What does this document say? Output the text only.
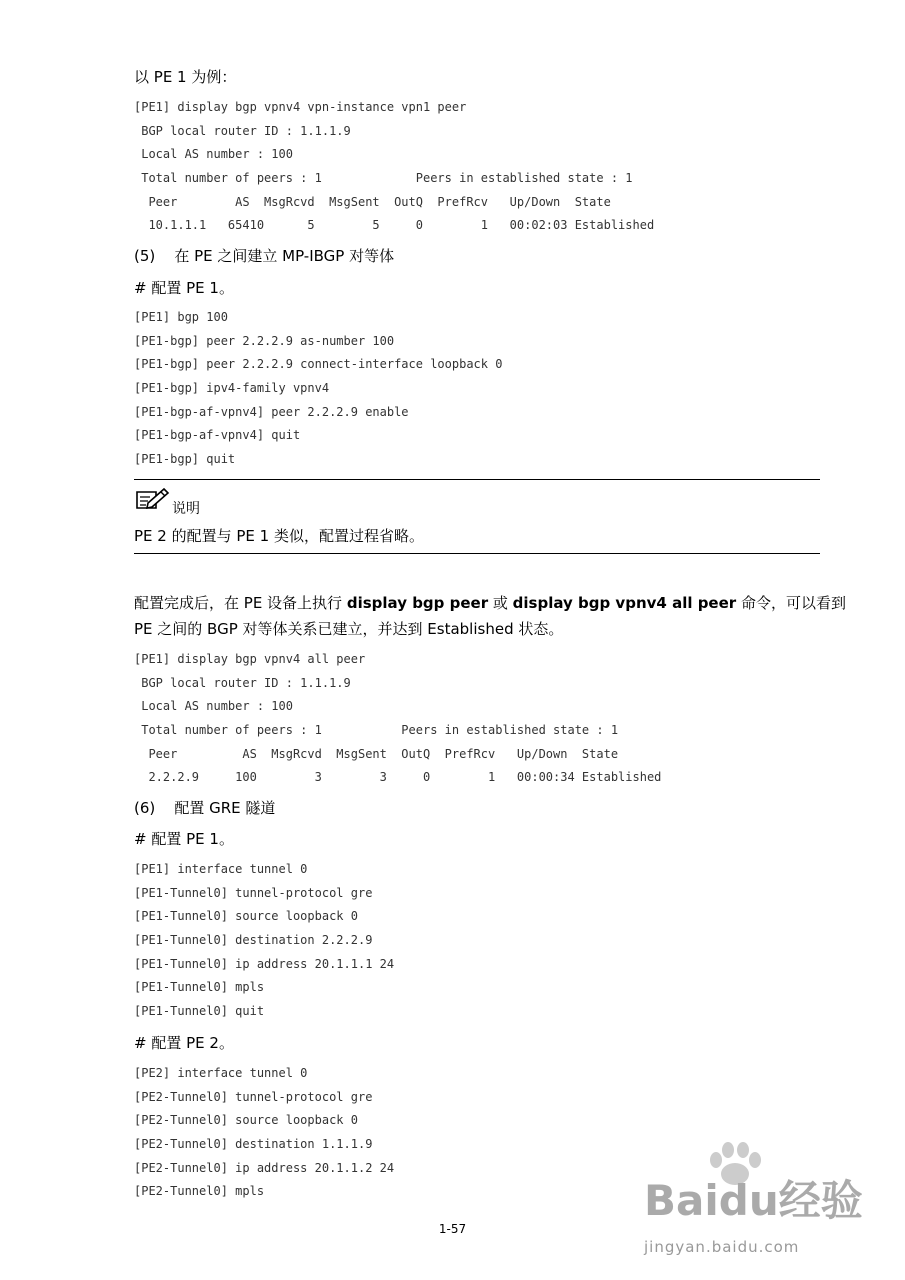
以 PE 1 为例：
[PE1] display bgp vpnv4 vpn-instance vpn1 peer
BGP local router ID : 1.1.1.9
Local AS number : 100
Total number of peers : 1             Peers in established state : 1
Peer        AS  MsgRcvd  MsgSent  OutQ  PrefRcv   Up/Down  State
10.1.1.1   65410      5        5     0        1   00:02:03 Established
(5)    在 PE 之间建立 MP-IBGP 对等体
# 配置 PE 1。
[PE1] bgp 100
[PE1-bgp] peer 2.2.2.9 as-number 100
[PE1-bgp] peer 2.2.2.9 connect-interface loopback 0
[PE1-bgp] ipv4-family vpnv4
[PE1-bgp-af-vpnv4] peer 2.2.2.9 enable
[PE1-bgp-af-vpnv4] quit
[PE1-bgp] quit
说明
PE 2 的配置与 PE 1 类似，配置过程省略。
配置完成后，在 PE 设备上执行 display bgp peer 或 display bgp vpnv4 all peer 命令，可以看到
PE 之间的 BGP 对等体关系已建立，并达到 Established 状态。
[PE1] display bgp vpnv4 all peer
BGP local router ID : 1.1.1.9
Local AS number : 100
Total number of peers : 1           Peers in established state : 1
Peer         AS  MsgRcvd  MsgSent  OutQ  PrefRcv   Up/Down  State
2.2.2.9     100        3        3     0        1   00:00:34 Established
(6)    配置 GRE 隧道
# 配置 PE 1。
[PE1] interface tunnel 0
[PE1-Tunnel0] tunnel-protocol gre
[PE1-Tunnel0] source loopback 0
[PE1-Tunnel0] destination 2.2.2.9
[PE1-Tunnel0] ip address 20.1.1.1 24
[PE1-Tunnel0] mpls
[PE1-Tunnel0] quit
# 配置 PE 2。
[PE2] interface tunnel 0
[PE2-Tunnel0] tunnel-protocol gre
[PE2-Tunnel0] source loopback 0
[PE2-Tunnel0] destination 1.1.1.9
[PE2-Tunnel0] ip address 20.1.1.2 24
[PE2-Tunnel0] mpls	Baidu经验
jingyan.baidu.com
1-57
